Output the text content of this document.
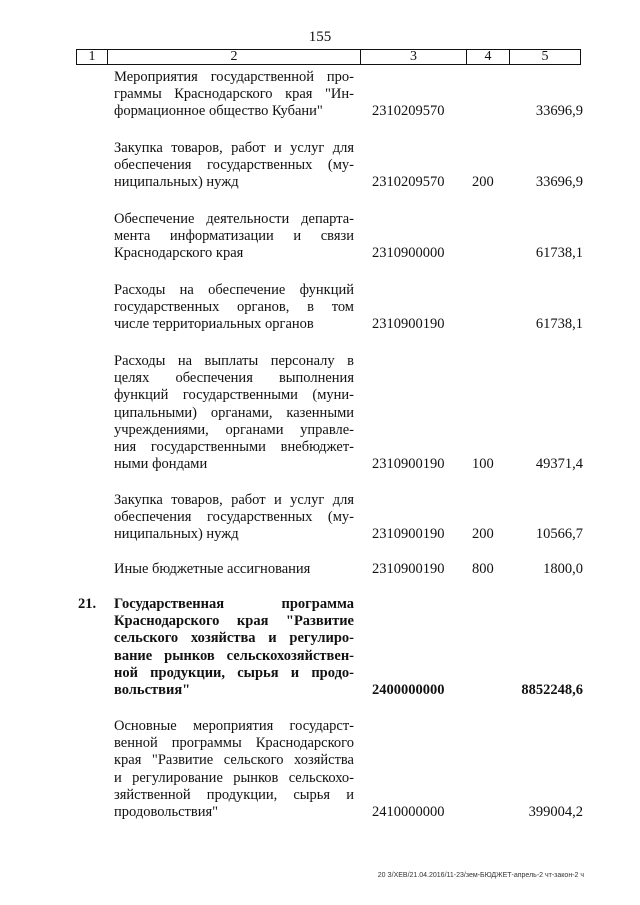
155
1	2	3	4	5
Мероприятия государственной про-
граммы Краснодарского края "Ин-
формационное общество Кубани"	2310209570	33696,9
Закупка товаров, работ и услуг для
обеспечения государственных (му-
ниципальных) нужд	2310209570 200	33696,9
Обеспечение деятельности департа-
мента информатизации и связи
Краснодарского края	2310900000	61738,1
Расходы на обеспечение функций
государственных органов, в том
числе территориальных органов	2310900190	61738,1
Расходы на выплаты персоналу в
целях обеспечения выполнения
функций государственными (муни-
ципальными) органами, казенными
учреждениями, органами управле-
ния государственными внебюджет-
ными фондами	2310900190 100	49371,4
Закупка товаров, работ и услуг для
обеспечения государственных (му-
ниципальных) нужд	2310900190 200	10566,7
Иные бюджетные ассигнования	2310900190 800	1800,0
21.	Государственная программа
Краснодарского края "Развитие
сельского хозяйства и регулиро-
вание рынков сельскохозяйствен-
ной продукции, сырья и продо-
вольствия"	2400000000	8852248,6
Основные мероприятия государст-
венной программы Краснодарского
края "Развитие сельского хозяйства
и регулирование рынков сельскохо-
зяйственной продукции, сырья и
продовольствия"	2410000000	399004,2
20 З/ХЕВ/21.04.2016/11-23/зем-БЮДЖЕТ-апрель-2 чт-закон-2 ч
